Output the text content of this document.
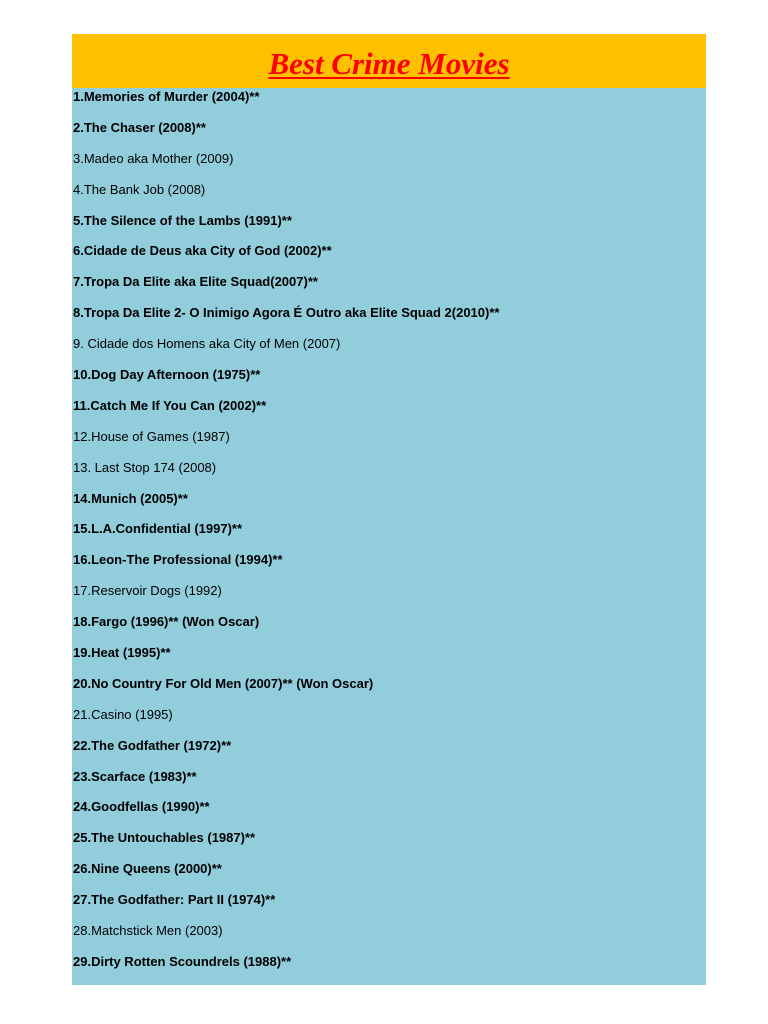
Best Crime Movies
1.Memories of Murder (2004)**
2.The Chaser (2008)**
3.Madeo aka Mother (2009)
4.The Bank Job (2008)
5.The Silence of the Lambs (1991)**
6.Cidade de Deus aka City of God (2002)**
7.Tropa Da Elite aka Elite Squad(2007)**
8.Tropa Da Elite 2- O Inimigo Agora É Outro aka Elite Squad 2(2010)**
9. Cidade dos Homens aka City of Men (2007)
10.Dog Day Afternoon (1975)**
11.Catch Me If You Can (2002)**
12.House of Games (1987)
13. Last Stop 174 (2008)
14.Munich (2005)**
15.L.A.Confidential (1997)**
16.Leon-The Professional (1994)**
17.Reservoir Dogs (1992)
18.Fargo (1996)** (Won Oscar)
19.Heat (1995)**
20.No Country For Old Men (2007)** (Won Oscar)
21.Casino (1995)
22.The Godfather (1972)**
23.Scarface (1983)**
24.Goodfellas (1990)**
25.The Untouchables (1987)**
26.Nine Queens (2000)**
27.The Godfather: Part II (1974)**
28.Matchstick Men (2003)
29.Dirty Rotten Scoundrels (1988)**
